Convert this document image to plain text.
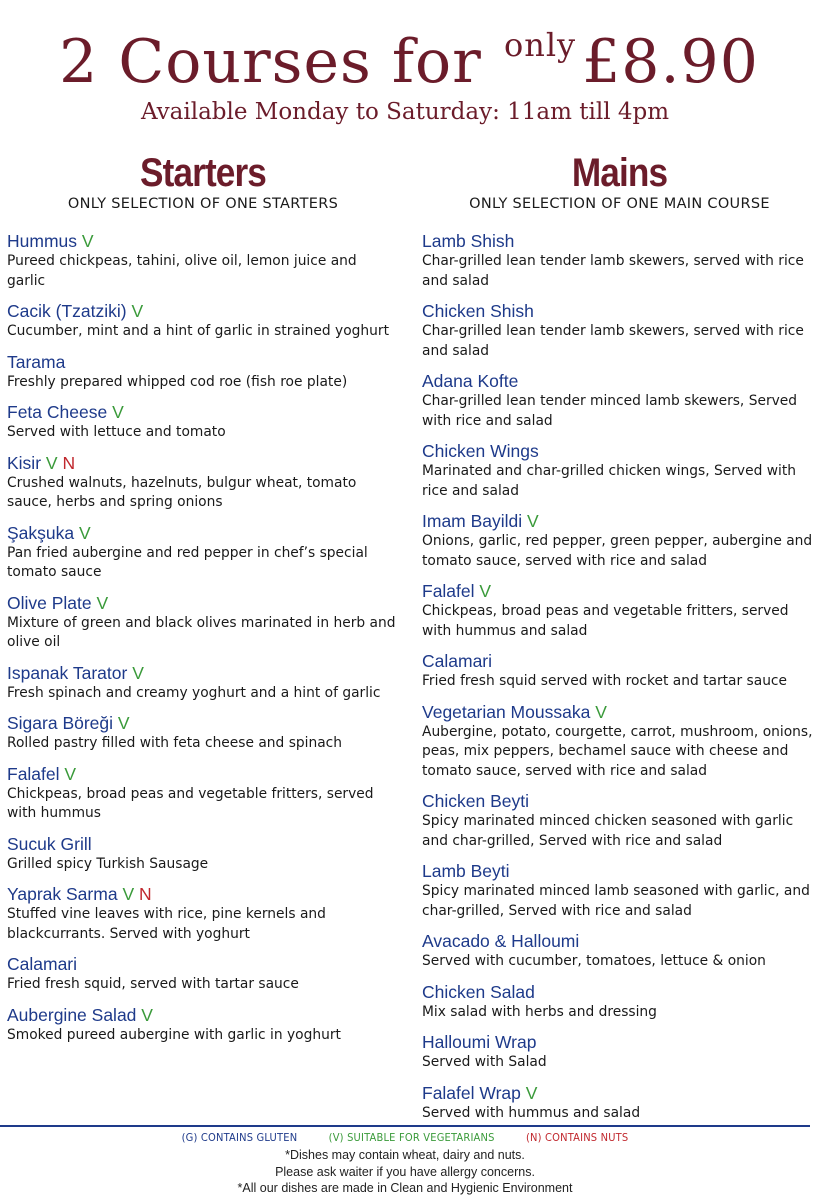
2 Courses for $^{only}$ £8.90
Available Monday to Saturday: 11am till 4pm
Starters
ONLY SELECTION OF ONE STARTERS
Hummus V
Pureed chickpeas, tahini, olive oil, lemon juice and garlic
Cacik (Tzatziki) V
Cucumber, mint and a hint of garlic in strained yoghurt
Tarama
Freshly prepared whipped cod roe (fish roe plate)
Feta Cheese V
Served with lettuce and tomato
Kisir V N
Crushed walnuts, hazelnuts, bulgur wheat, tomato sauce, herbs and spring onions
Şakşuka V
Pan fried aubergine and red pepper in chef’s special tomato sauce
Olive Plate V
Mixture of green and black olives marinated in herb and olive oil
Ispanak Tarator V
Fresh spinach and creamy yoghurt and a hint of garlic
Sigara Böreği V
Rolled pastry filled with feta cheese and spinach
Falafel V
Chickpeas, broad peas and vegetable fritters, served with hummus
Sucuk Grill
Grilled spicy Turkish Sausage
Yaprak Sarma V N
Stuffed vine leaves with rice, pine kernels and blackcurrants. Served with yoghurt
Calamari
Fried fresh squid, served with tartar sauce
Aubergine Salad V
Smoked pureed aubergine with garlic in yoghurt
Mains
ONLY SELECTION OF ONE MAIN COURSE
Lamb Shish
Char-grilled lean tender lamb skewers, served with rice and salad
Chicken Shish
Char-grilled lean tender lamb skewers, served with rice and salad
Adana Kofte
Char-grilled lean tender minced lamb skewers, Served with rice and salad
Chicken Wings
Marinated and char-grilled chicken wings, Served with rice and salad
Imam Bayildi V
Onions, garlic, red pepper, green pepper, aubergine and tomato sauce, served with rice and salad
Falafel V
Chickpeas, broad peas and vegetable fritters, served with hummus and salad
Calamari
Fried fresh squid served with rocket and tartar sauce
Vegetarian Moussaka V
Aubergine, potato, courgette, carrot, mushroom, onions, peas, mix peppers, bechamel sauce with cheese and tomato sauce, served with rice and salad
Chicken Beyti
Spicy marinated minced chicken seasoned with garlic and char-grilled, Served with rice and salad
Lamb Beyti
Spicy marinated minced lamb seasoned with garlic, and char-grilled, Served with rice and salad
Avacado & Halloumi
Served with cucumber, tomatoes, lettuce & onion
Chicken Salad
Mix salad with herbs and dressing
Halloumi Wrap
Served with Salad
Falafel Wrap V
Served with hummus and salad
(G) CONTAINS GLUTEN	(V) SUITABLE FOR VEGETARIANS	(N) CONTAINS NUTS
*Dishes may contain wheat, dairy and nuts.
Please ask waiter if you have allergy concerns.
*All our dishes are made in Clean and Hygienic Environment
